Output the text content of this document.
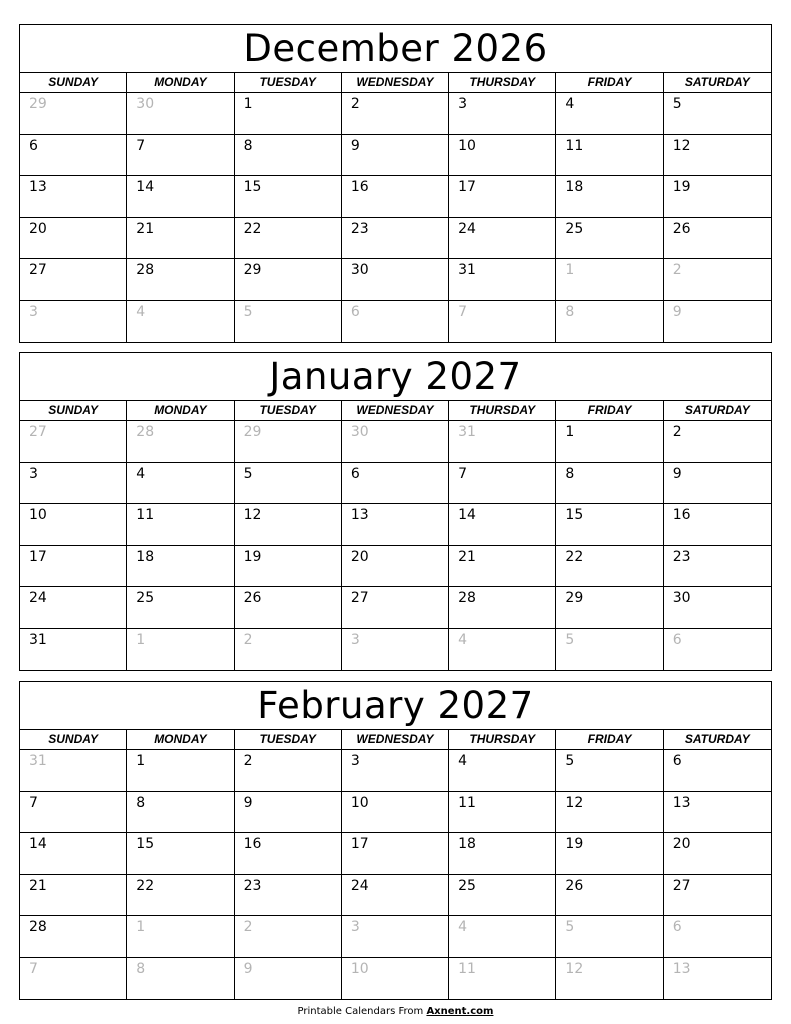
December 2026
SUNDAY	MONDAY	TUESDAY	WEDNESDAY	THURSDAY	FRIDAY	SATURDAY
29	30	1	2	3	4	5
6	7	8	9	10	11	12
13	14	15	16	17	18	19
20	21	22	23	24	25	26
27	28	29	30	31	1	2
3	4	5	6	7	8	9
January 2027
SUNDAY	MONDAY	TUESDAY	WEDNESDAY	THURSDAY	FRIDAY	SATURDAY
27	28	29	30	31	1	2
3	4	5	6	7	8	9
10	11	12	13	14	15	16
17	18	19	20	21	22	23
24	25	26	27	28	29	30
31	1	2	3	4	5	6
February 2027
SUNDAY	MONDAY	TUESDAY	WEDNESDAY	THURSDAY	FRIDAY	SATURDAY
31	1	2	3	4	5	6
7	8	9	10	11	12	13
14	15	16	17	18	19	20
21	22	23	24	25	26	27
28	1	2	3	4	5	6
7	8	9	10	11	12	13
Printable Calendars From Axnent.com
